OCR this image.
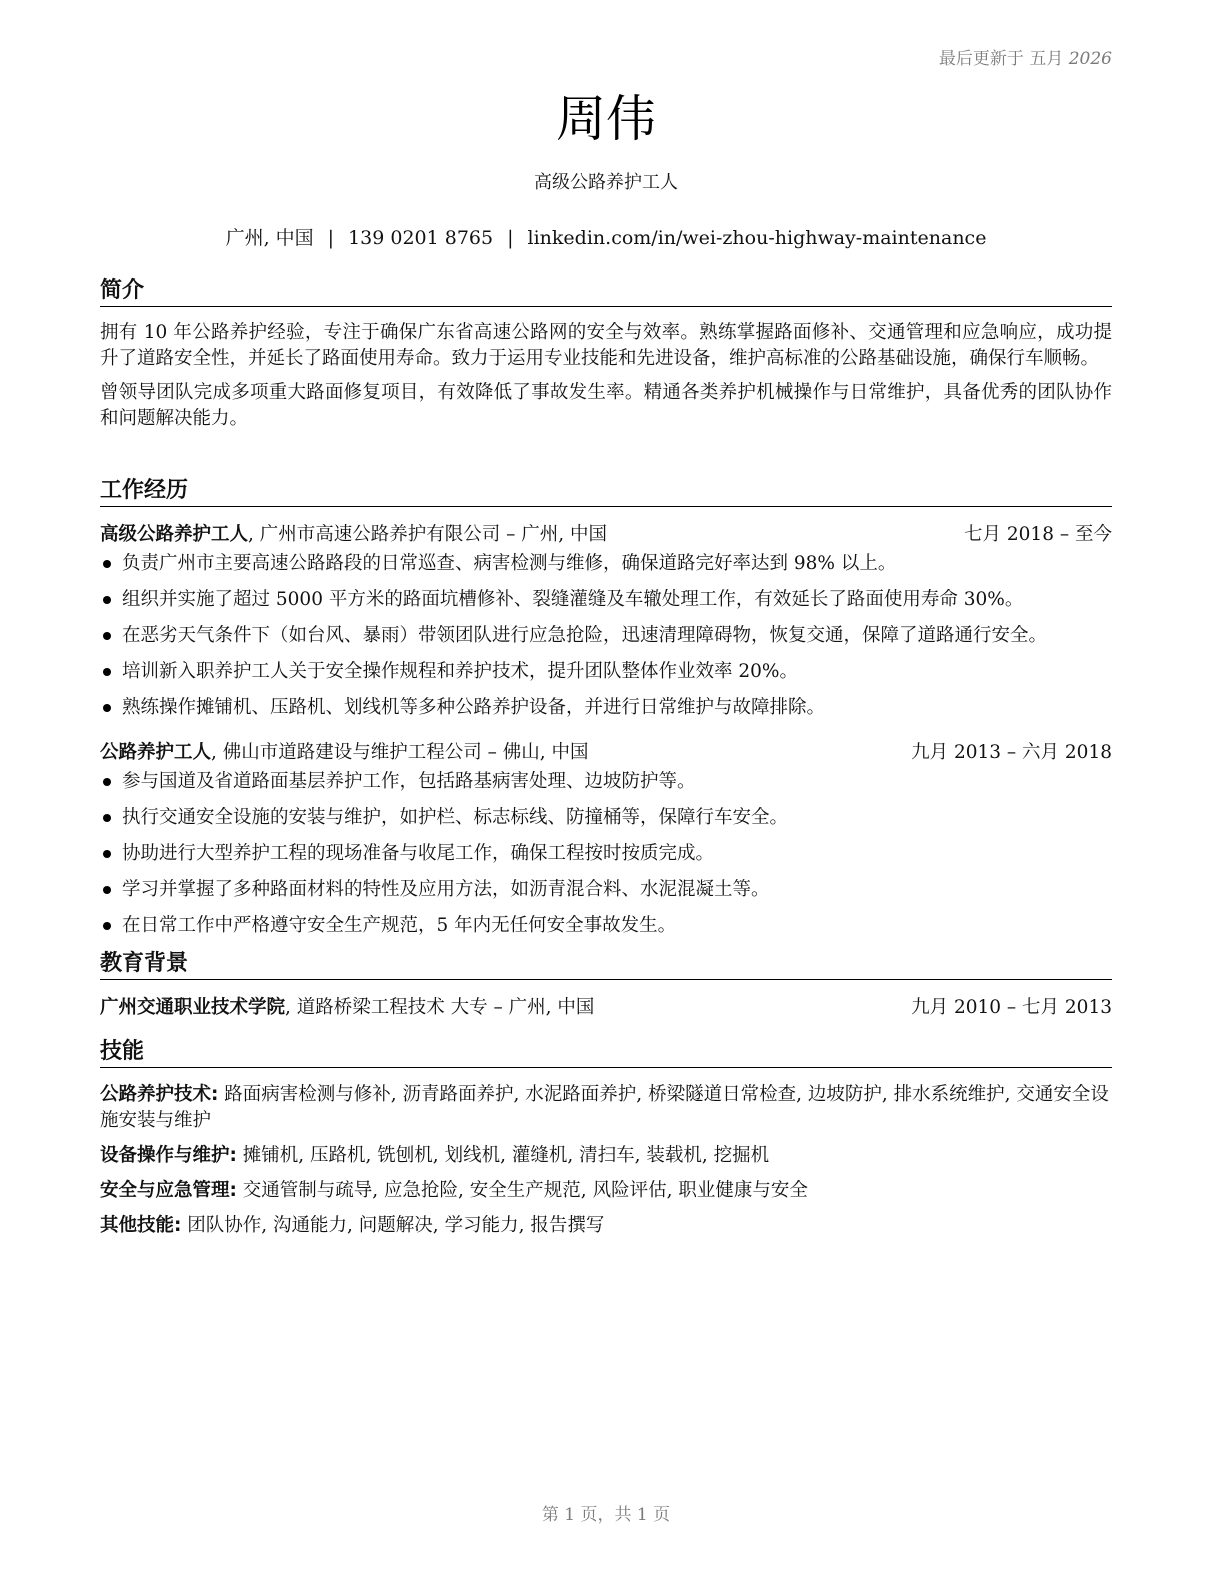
最后更新于 五月 2026
周伟
高级公路养护工人
广州, 中国 | 139 0201 8765 | linkedin.com/in/wei-zhou-highway-maintenance
简介

拥有 10 年公路养护经验，专注于确保广东省高速公路网的安全与效率。熟练掌握路面修补、交通管理和应急响应，成功提升了道路安全性，并延长了路面使用寿命。致力于运用专业技能和先进设备，维护高标准的公路基础设施，确保行车顺畅。

曾领导团队完成多项重大路面修复项目，有效降低了事故发生率。精通各类养护机械操作与日常维护，具备优秀的团队协作和问题解决能力。

工作经历
高级公路养护工人, 广州市高速公路养护有限公司 – 广州, 中国	七月 2018 – 至今
负责广州市主要高速公路路段的日常巡查、病害检测与维修，确保道路完好率达到 98% 以上。
组织并实施了超过 5000 平方米的路面坑槽修补、裂缝灌缝及车辙处理工作，有效延长了路面使用寿命 30%。
在恶劣天气条件下（如台风、暴雨）带领团队进行应急抢险，迅速清理障碍物，恢复交通，保障了道路通行安全。
培训新入职养护工人关于安全操作规程和养护技术，提升团队整体作业效率 20%。
熟练操作摊铺机、压路机、划线机等多种公路养护设备，并进行日常维护与故障排除。
公路养护工人, 佛山市道路建设与维护工程公司 – 佛山, 中国	九月 2013 – 六月 2018
参与国道及省道路面基层养护工作，包括路基病害处理、边坡防护等。
执行交通安全设施的安装与维护，如护栏、标志标线、防撞桶等，保障行车安全。
协助进行大型养护工程的现场准备与收尾工作，确保工程按时按质完成。
学习并掌握了多种路面材料的特性及应用方法，如沥青混合料、水泥混凝土等。
在日常工作中严格遵守安全生产规范，5 年内无任何安全事故发生。
教育背景
广州交通职业技术学院, 道路桥梁工程技术 大专 – 广州, 中国	九月 2010 – 七月 2013
技能

公路养护技术: 路面病害检测与修补, 沥青路面养护, 水泥路面养护, 桥梁隧道日常检查, 边坡防护, 排水系统维护, 交通安全设施安装与维护

设备操作与维护: 摊铺机, 压路机, 铣刨机, 划线机, 灌缝机, 清扫车, 装载机, 挖掘机

安全与应急管理: 交通管制与疏导, 应急抢险, 安全生产规范, 风险评估, 职业健康与安全

其他技能: 团队协作, 沟通能力, 问题解决, 学习能力, 报告撰写

第 1 页，共 1 页
